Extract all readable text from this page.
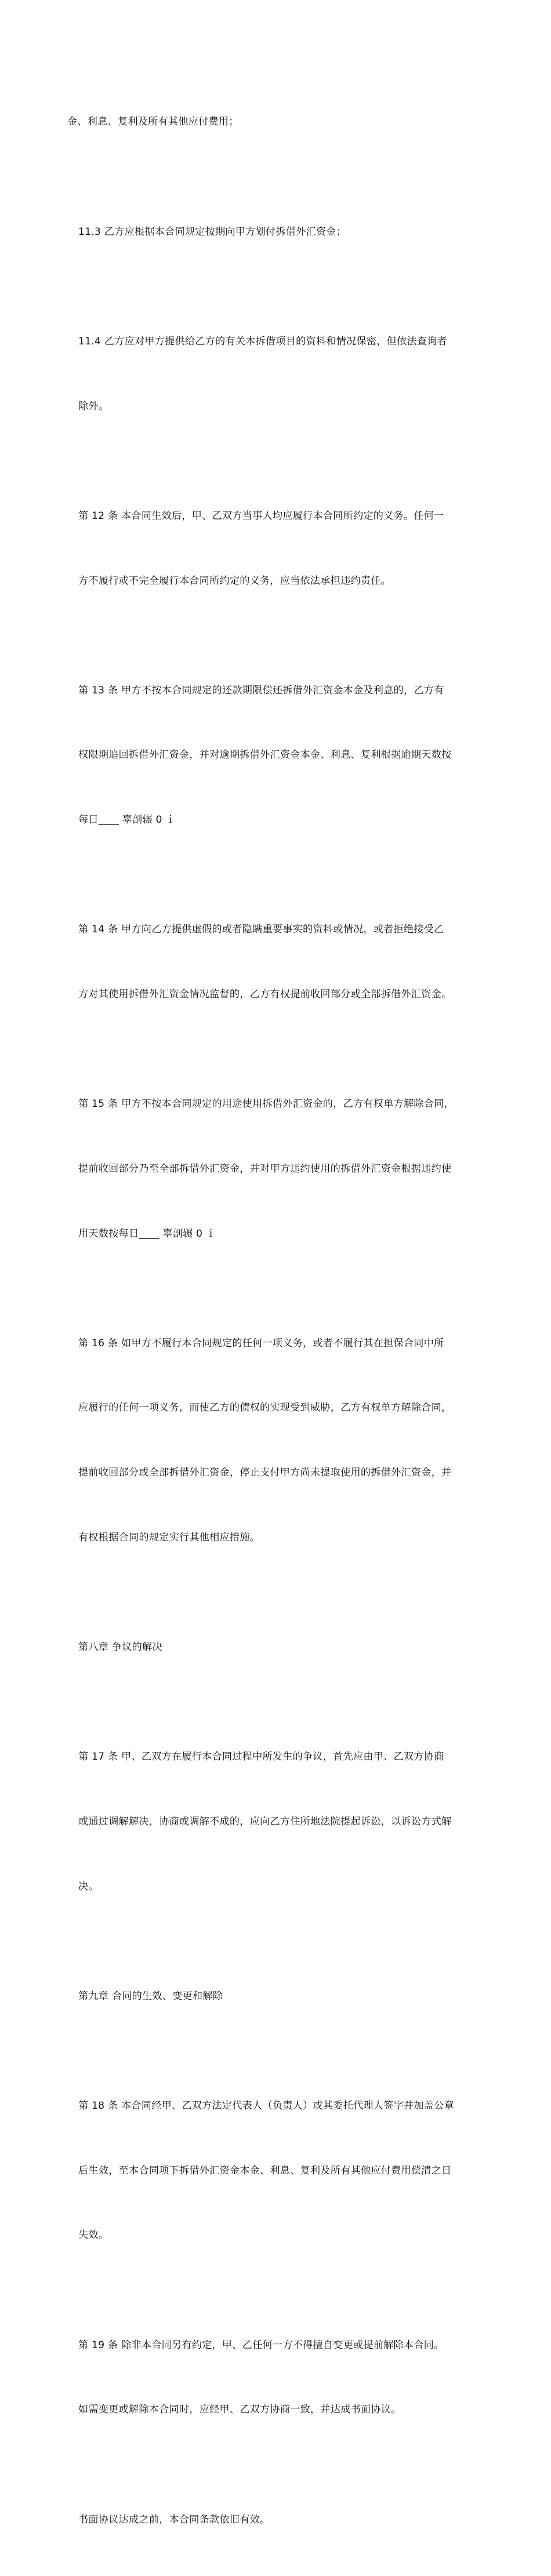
金、利息、复利及所有其他应付费用；

11.3 乙方应根据本合同规定按期向甲方划付拆借外汇资金；

11.4 乙方应对甲方提供给乙方的有关本拆借项目的资料和情况保密，但依法查询者

除外。

第 12 条 本合同生效后，甲、乙双方当事人均应履行本合同所约定的义务。任何一

方不履行或不完全履行本合同所约定的义务，应当依法承担违约责任。

第 13 条 甲方不按本合同规定的还款期限偿还拆借外汇资金本金及利息的，乙方有

权限期追回拆借外汇资金，并对逾期拆借外汇资金本金、利息、复利根据逾期天数按

每日____ 辜剖辗 0 ｉ

第 14 条 甲方向乙方提供虚假的或者隐瞒重要事实的资料或情况，或者拒绝接受乙

方对其使用拆借外汇资金情况监督的，乙方有权提前收回部分或全部拆借外汇资金。

第 15 条 甲方不按本合同规定的用途使用拆借外汇资金的，乙方有权单方解除合同，

提前收回部分乃至全部拆借外汇资金，并对甲方违约使用的拆借外汇资金根据违约使

用天数按每日____ 辜剖辗 0 ｉ

第 16 条 如甲方不履行本合同规定的任何一项义务，或者不履行其在担保合同中所

应履行的任何一项义务，而使乙方的债权的实现受到威胁，乙方有权单方解除合同，

提前收回部分或全部拆借外汇资金，停止支付甲方尚未提取使用的拆借外汇资金，并

有权根据合同的规定实行其他相应措施。

第八章 争议的解决

第 17 条 甲、乙双方在履行本合同过程中所发生的争议，首先应由甲、乙双方协商

或通过调解解决，协商或调解不成的，应向乙方住所地法院提起诉讼，以诉讼方式解

决。

第九章 合同的生效、变更和解除

第 18 条 本合同经甲、乙双方法定代表人（负责人）或其委托代理人签字并加盖公章

后生效，至本合同项下拆借外汇资金本金、利息、复利及所有其他应付费用偿清之日

失效。

第 19 条 除非本合同另有约定，甲、乙任何一方不得擅自变更或提前解除本合同。

如需变更或解除本合同时，应经甲、乙双方协商一致，并达成书面协议。

书面协议达成之前，本合同条款依旧有效。
